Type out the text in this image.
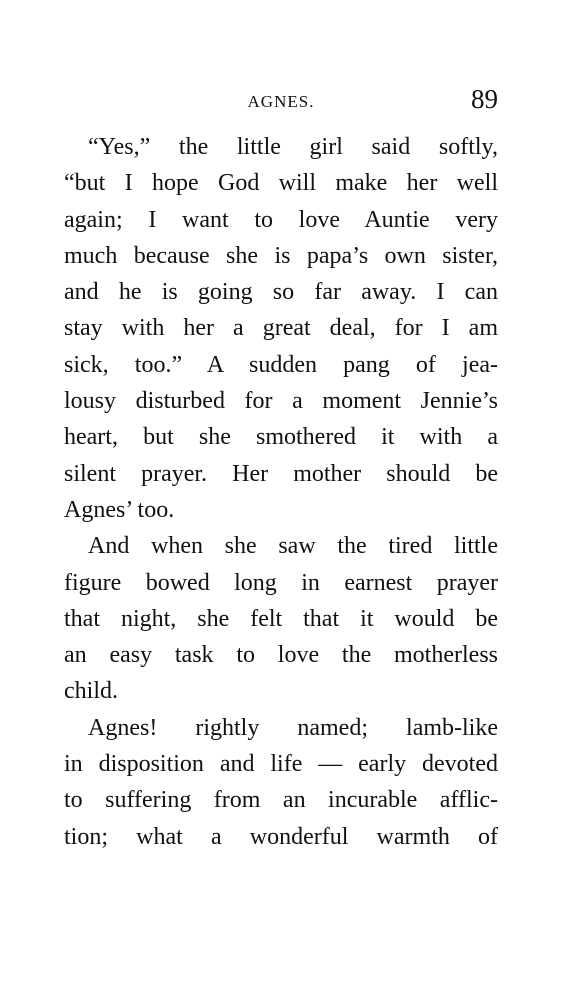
AGNES.	89
“Yes,” the little girl said softly,
“but I hope God will make her well
again; I want to love Auntie very
much because she is papa’s own sister,
and he is going so far away. I can
stay with her a great deal, for I am
sick, too.” A sudden pang of jea-
lousy disturbed for a moment Jennie’s
heart, but she smothered it with a
silent prayer. Her mother should be
Agnes’ too.
And when she saw the tired little
figure bowed long in earnest prayer
that night, she felt that it would be
an easy task to love the motherless
child.
Agnes! rightly named; lamb-like
in disposition and life — early devoted
to suffering from an incurable afflic-
tion; what a wonderful warmth of
